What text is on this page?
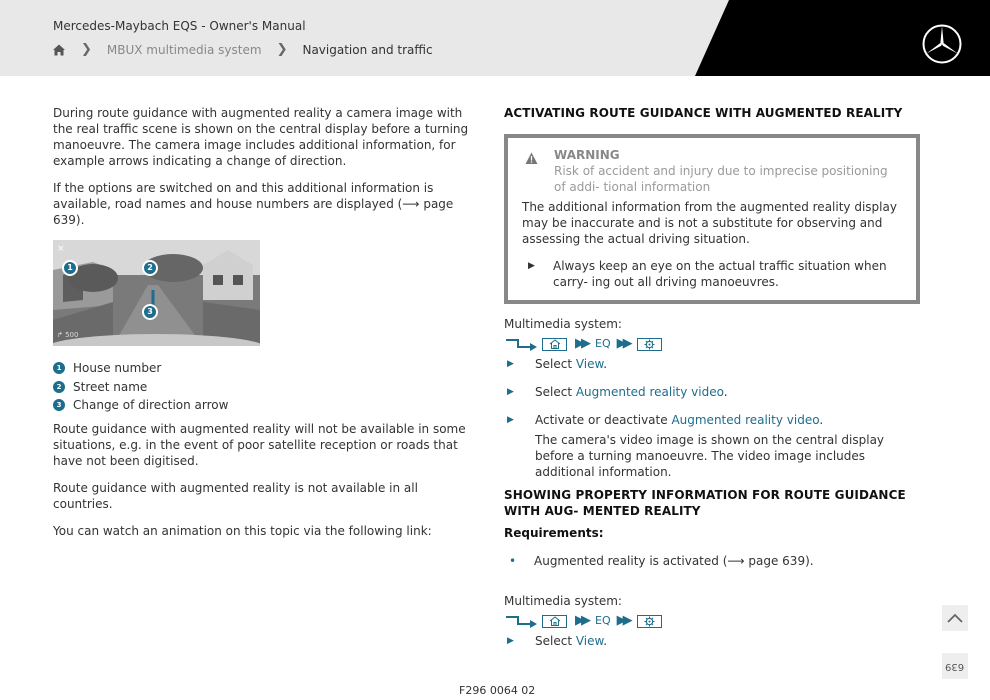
Mercedes-Maybach EQS - Owner's Manual
❯ MBUX multimedia system ❯ Navigation and traffic

During route guidance with augmented reality a camera image with the real traffic scene is shown on the central display before a turning manoeuvre. The camera image includes additional information, for example arrows indicating a change of direction.

If the options are switched on and this additional information is available, road names and house numbers are displayed (⟶ page 639).

×
1	2
3
↱ 500
1 House number
2 Street name
3 Change of direction arrow

Route guidance with augmented reality will not be available in some situations, e.g. in the event of poor satellite reception or roads that have not been digitised.

Route guidance with augmented reality is not available in all countries.

You can watch an animation on this topic via the following link:

ACTIVATING ROUTE GUIDANCE WITH AUGMENTED REALITY
WARNING
Risk of accident and injury due to imprecise positioning of addi- tional information
The additional information from the augmented reality display may be inaccurate and is not a substitute for observing and assessing the actual driving situation.
▶	Always keep an eye on the actual traffic situation when carry- ing out all driving manoeuvres.
Multimedia system:
▶▶ EQ ▶▶
▶	Select View.
▶	Select Augmented reality video.
▶	Activate or deactivate Augmented reality video.
The camera's video image is shown on the central display before a turning manoeuvre. The video image includes additional information.
SHOWING PROPERTY INFORMATION FOR ROUTE GUIDANCE WITH AUG- MENTED REALITY
Requirements:
•	Augmented reality is activated (⟶ page 639).
Multimedia system:
▶▶ EQ ▶▶
▶	Select View.
639
F296 0064 02
